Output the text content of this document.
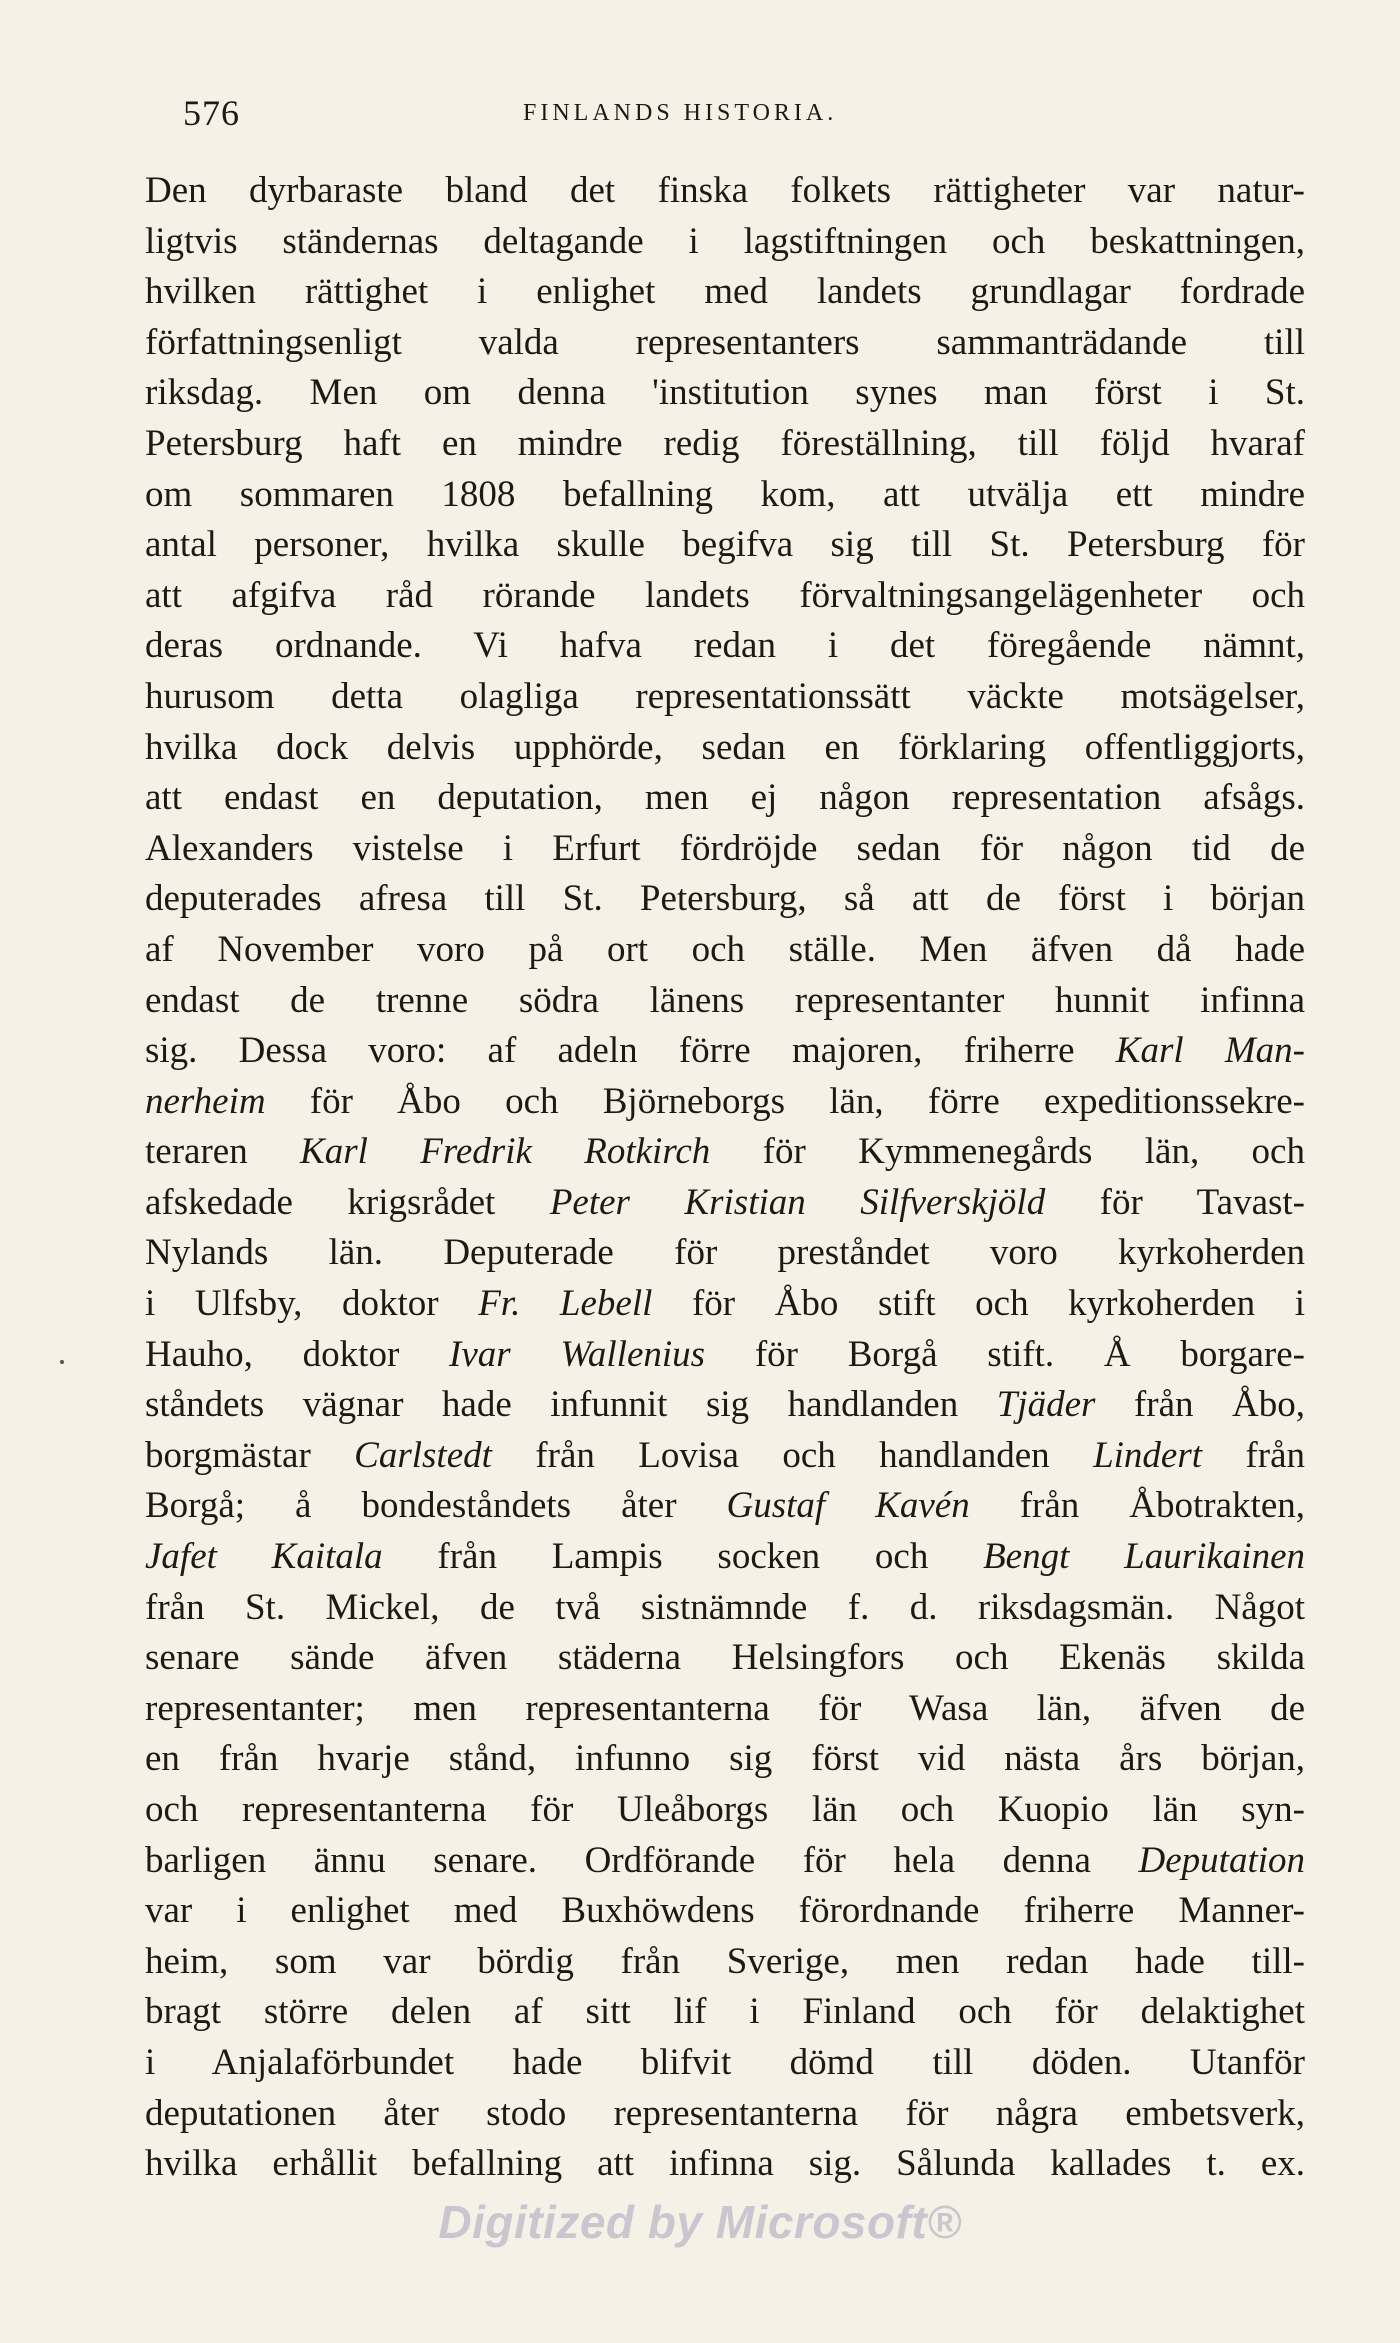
576	FINLANDS HISTORIA.
Den dyrbaraste bland det finska folkets rättigheter var natur-
ligtvis ständernas deltagande i lagstiftningen och beskattningen,
hvilken rättighet i enlighet med landets grundlagar fordrade
författningsenligt valda representanters sammanträdande till
riksdag. Men om denna 'institution synes man först i St.
Petersburg haft en mindre redig föreställning, till följd hvaraf
om sommaren 1808 befallning kom, att utvälja ett mindre
antal personer, hvilka skulle begifva sig till St. Petersburg för
att afgifva råd rörande landets förvaltningsangelägenheter och
deras ordnande. Vi hafva redan i det föregående nämnt,
hurusom detta olagliga representationssätt väckte motsägelser,
hvilka dock delvis upphörde, sedan en förklaring offentliggjorts,
att endast en deputation, men ej någon representation afsågs.
Alexanders vistelse i Erfurt fördröjde sedan för någon tid de
deputerades afresa till St. Petersburg, så att de först i början
af November voro på ort och ställe. Men äfven då hade
endast de trenne södra länens representanter hunnit infinna
sig. Dessa voro: af adeln förre majoren, friherre Karl Man-
nerheim för Åbo och Björneborgs län, förre expeditionssekre-
teraren Karl Fredrik Rotkirch för Kymmenegårds län, och
afskedade krigsrådet Peter Kristian Silfverskjöld för Tavast-
Nylands län. Deputerade för preståndet voro kyrkoherden
i Ulfsby, doktor Fr. Lebell för Åbo stift och kyrkoherden i
Hauho, doktor Ivar Wallenius för Borgå stift. Å borgare-
ståndets vägnar hade infunnit sig handlanden Tjäder från Åbo,
borgmästar Carlstedt från Lovisa och handlanden Lindert från
Borgå; å bondeståndets åter Gustaf Kavén från Åbotrakten,
Jafet Kaitala från Lampis socken och Bengt Laurikainen
från St. Mickel, de två sistnämnde f. d. riksdagsmän. Något
senare sände äfven städerna Helsingfors och Ekenäs skilda
representanter; men representanterna för Wasa län, äfven de
en från hvarje stånd, infunno sig först vid nästa års början,
och representanterna för Uleåborgs län och Kuopio län syn-
barligen ännu senare. Ordförande för hela denna Deputation
var i enlighet med Buxhöwdens förordnande friherre Manner-
heim, som var bördig från Sverige, men redan hade till-
bragt större delen af sitt lif i Finland och för delaktighet
i Anjalaförbundet hade blifvit dömd till döden. Utanför
deputationen åter stodo representanterna för några embetsverk,
hvilka erhållit befallning att infinna sig. Sålunda kallades t. ex.
Digitized by Microsoft®
